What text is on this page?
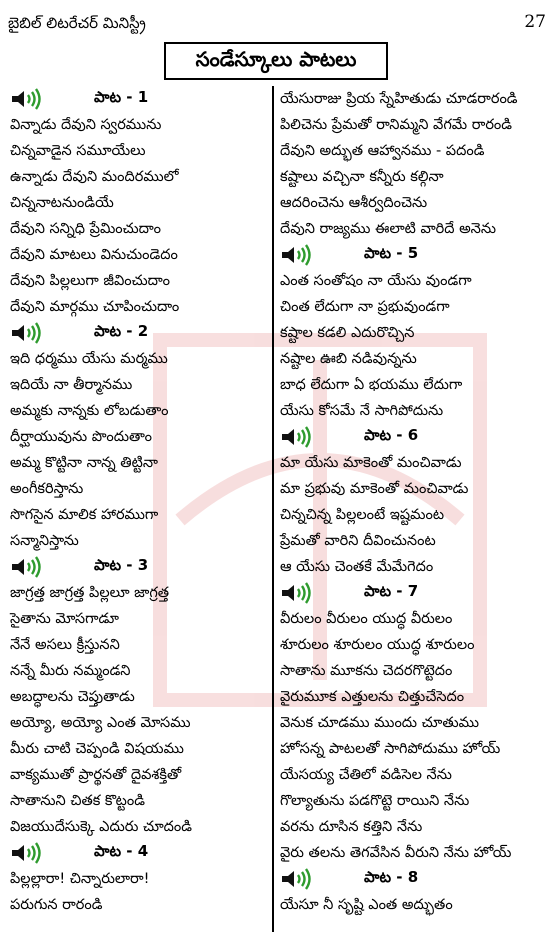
బైబిల్ లిటరేచర్ మినిస్ట్రీ	27
సండేస్కూలు పాటలు
పాట - 1
విన్నాడు దేవుని స్వరమును
చిన్నవాడైన సమూయేలు
ఉన్నాడు దేవుని మందిరములో
చిన్ననాటనుండియే
దేవుని సన్నిధి ప్రేమించుదాం
దేవుని మాటలు వినుచుండెదం
దేవుని పిల్లలుగా జీవించుదాం
దేవుని మార్గము చూపించుదాం
పాట - 2
ఇది ధర్మము యేసు మర్మము
ఇదియే నా తీర్మానము
అమ్మకు నాన్నకు లోబడుతాం
దీర్ఘాయువును పొందుతాం
అమ్మ కొట్టినా నాన్న తిట్టినా
అంగీకరిస్తాను
సొగసైన మాలిక హారముగా
సన్మానిస్తాను
పాట - 3
జాగ్రత్త జాగ్రత్త పిల్లలూ జాగ్రత్త
సైతాను మోసగాడూ
నేనే అసలు క్రీస్తునని
నన్నే మీరు నమ్మండని
అబద్ధాలను చెప్తుతాడు
అయ్యో, అయ్యో ఎంత మోసము
మీరు చాటి చెప్పండి విషయము
వాక్యముతో ప్రార్థనతో దైవశక్తితో
సాతానుని చితక కొట్టండి
విజయుదేసుక్కె ఎదురు చూదండి
పాట - 4
పిల్లల్లారా! చిన్నారులారా!
పరుగున రారండి
యేసురాజు ప్రియ స్నేహితుడు చూడరారండి
పిలిచెను ప్రేమతో రానిమ్మని వేగమే రారండి
దేవుని అద్భుత ఆహ్వానము - పదండి
కష్టాలు వచ్చినా కన్నీరు కల్గినా
ఆదరించెను ఆశీర్వదించెను
దేవుని రాజ్యము ఈలాటి వారిదే అనెను
పాట - 5
ఎంత సంతోషం నా యేసు వుండగా
చింత లేదుగా నా ప్రభువుండగా
కష్టాల కడలి ఎదురొచ్చిన
నష్టాల ఊబి నడివున్నను
బాధ లేదుగా ఏ భయము లేదుగా
యేసు కోసమే నే సాగిపోదును
పాట - 6
మా యేసు మాకెంతో మంచివాడు
మా ప్రభువు మాకెంతో మంచివాడు
చిన్నచిన్న పిల్లలంటే ఇష్టమంట
ప్రేమతో వారిని దీవించునంట
ఆ యేసు చెంతకే మేమేగెదం
పాట - 7
వీరులం వీరులం యుద్ధ వీరులం
శూరులం శూరులం యుద్ధ శూరులం
సాతాను మూకను చెదరగొట్టెదం
వైరుమూక ఎత్తులను చిత్తుచేసెదం
వెనుక చూడము ముందు చూతుము
హోసన్న పాటలతో సాగిపోదుము హోయ్
యేసయ్య చేతిలో వడిసెల నేను
గొల్యాతును పడగొట్టె రాయిని నేను
వరను దూసిన కత్తిని నేను
వైరు తలను తెగవేసిన వీరుని నేను హోయ్
పాట - 8
యేసూ నీ సృష్టి ఎంత అద్భుతం
